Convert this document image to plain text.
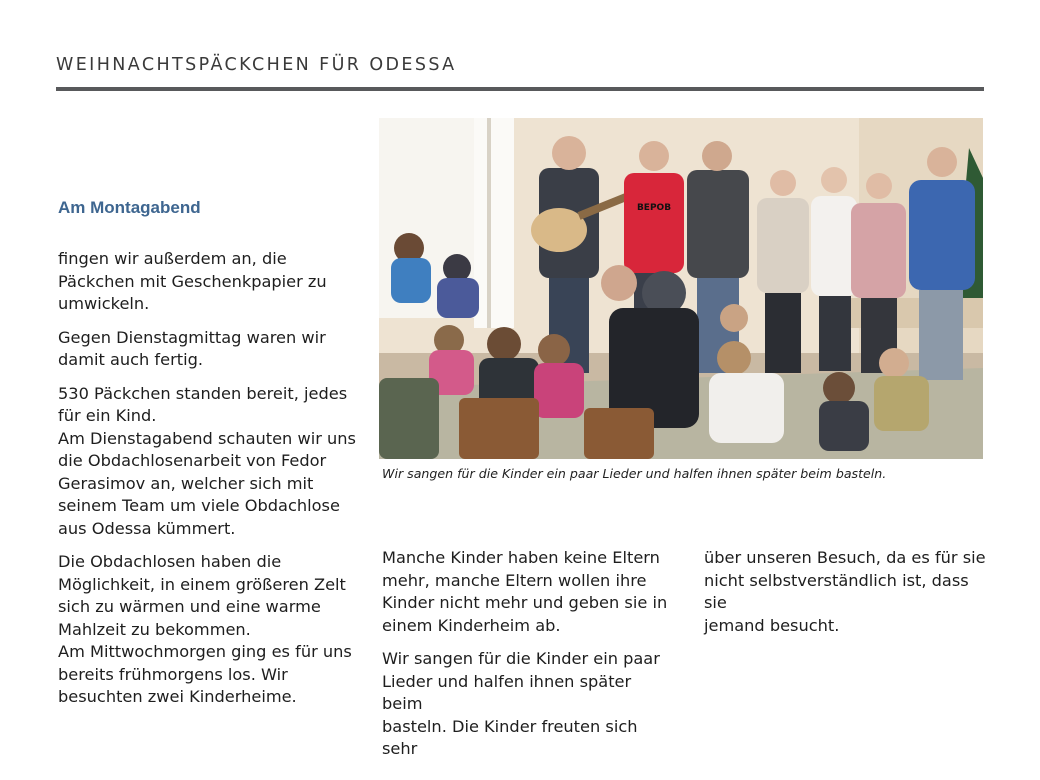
WEIHNACHTSPÄCKCHEN FÜR ODESSA
Am Montagabend

fingen wir außerdem an, die
Päckchen mit Geschenkpapier zu
umwickeln.

Gegen Dienstagmittag waren wir
damit auch fertig.

530 Päckchen standen bereit, jedes
für ein Kind.
Am Dienstagabend schauten wir uns
die Obdachlosenarbeit von Fedor
Gerasimov an, welcher sich mit
seinem Team um viele Obdachlose
aus Odessa kümmert.

Die Obdachlosen haben die
Möglichkeit, in einem größeren Zelt
sich zu wärmen und eine warme
Mahlzeit zu bekommen.
Am Mittwochmorgen ging es für uns
bereits frühmorgens los. Wir
besuchten zwei Kinderheime.

BEPOB
Wir sangen für die Kinder ein paar Lieder und halfen ihnen später beim basteln.

Manche Kinder haben keine Eltern
mehr, manche Eltern wollen ihre
Kinder nicht mehr und geben sie in
einem Kinderheim ab.

Wir sangen für die Kinder ein paar
Lieder und halfen ihnen später beim
basteln. Die Kinder freuten sich sehr

über unseren Besuch, da es für sie
nicht selbstverständlich ist, dass sie
jemand besucht.
